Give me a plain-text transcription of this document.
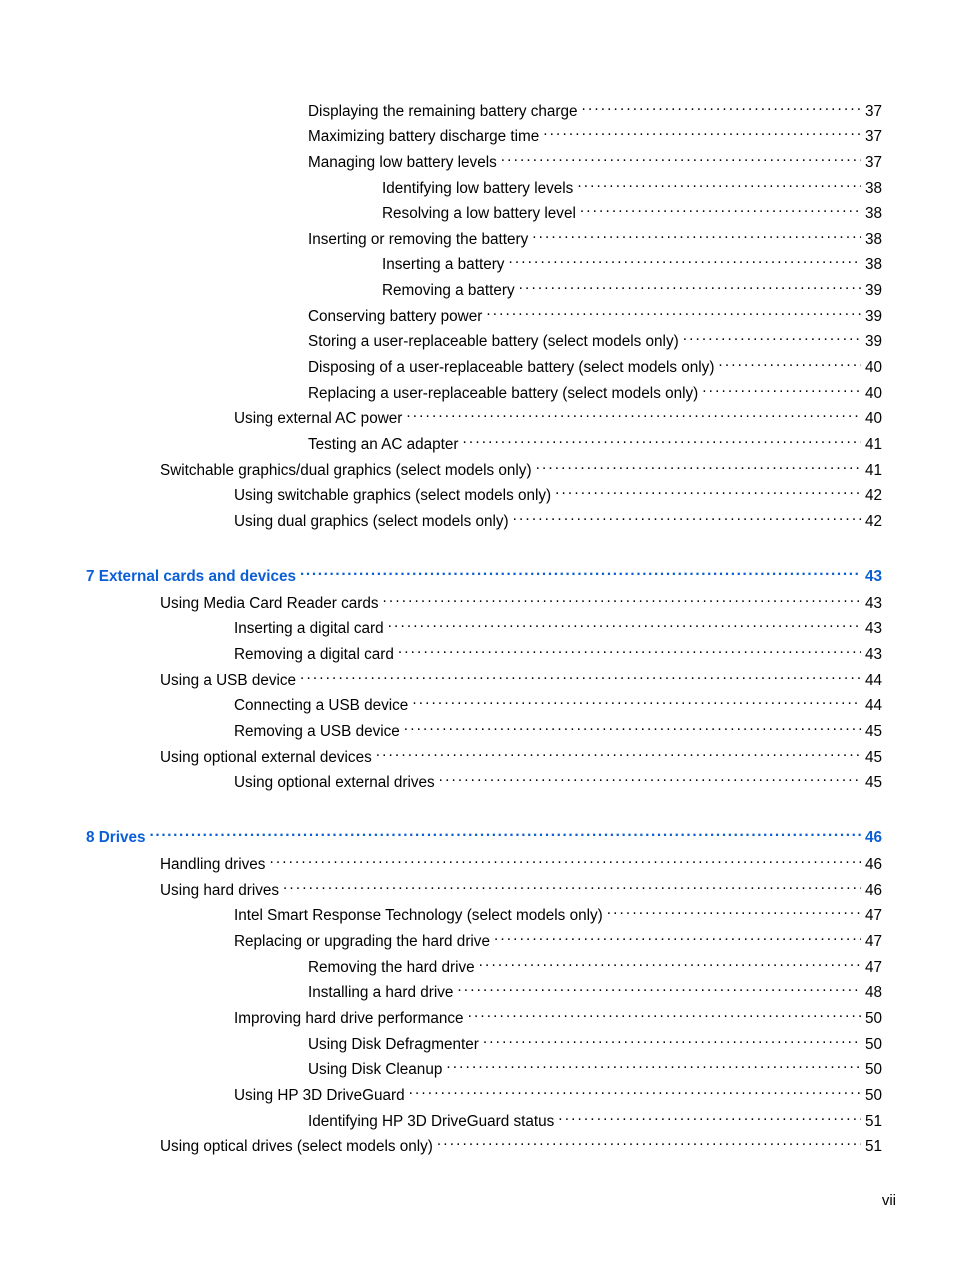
Displaying the remaining battery charge . . .	37
Maximizing battery discharge time . . .	37
Managing low battery levels . . .	37
Identifying low battery levels . . .	38
Resolving a low battery level . . .	38
Inserting or removing the battery . . .	38
Inserting a battery . . .	38
Removing a battery . . .	39
Conserving battery power . . .	39
Storing a user-replaceable battery (select models only) . . .	39
Disposing of a user-replaceable battery (select models only) . . .	40
Replacing a user-replaceable battery (select models only) . . .	40
Using external AC power . . .	40
Testing an AC adapter . . .	41
Switchable graphics/dual graphics (select models only) . . .	41
Using switchable graphics (select models only) . . .	42
Using dual graphics (select models only) . . .	42
7 External cards and devices . . .	43
Using Media Card Reader cards . . .	43
Inserting a digital card . . .	43
Removing a digital card . . .	43
Using a USB device . . .	44
Connecting a USB device . . .	44
Removing a USB device . . .	45
Using optional external devices . . .	45
Using optional external drives . . .	45
8 Drives . . .	46
Handling drives . . .	46
Using hard drives . . .	46
Intel Smart Response Technology (select models only) . . .	47
Replacing or upgrading the hard drive . . .	47
Removing the hard drive . . .	47
Installing a hard drive . . .	48
Improving hard drive performance . . .	50
Using Disk Defragmenter . . .	50
Using Disk Cleanup . . .	50
Using HP 3D DriveGuard . . .	50
Identifying HP 3D DriveGuard status . . .	51
Using optical drives (select models only) . . .	51
vii
